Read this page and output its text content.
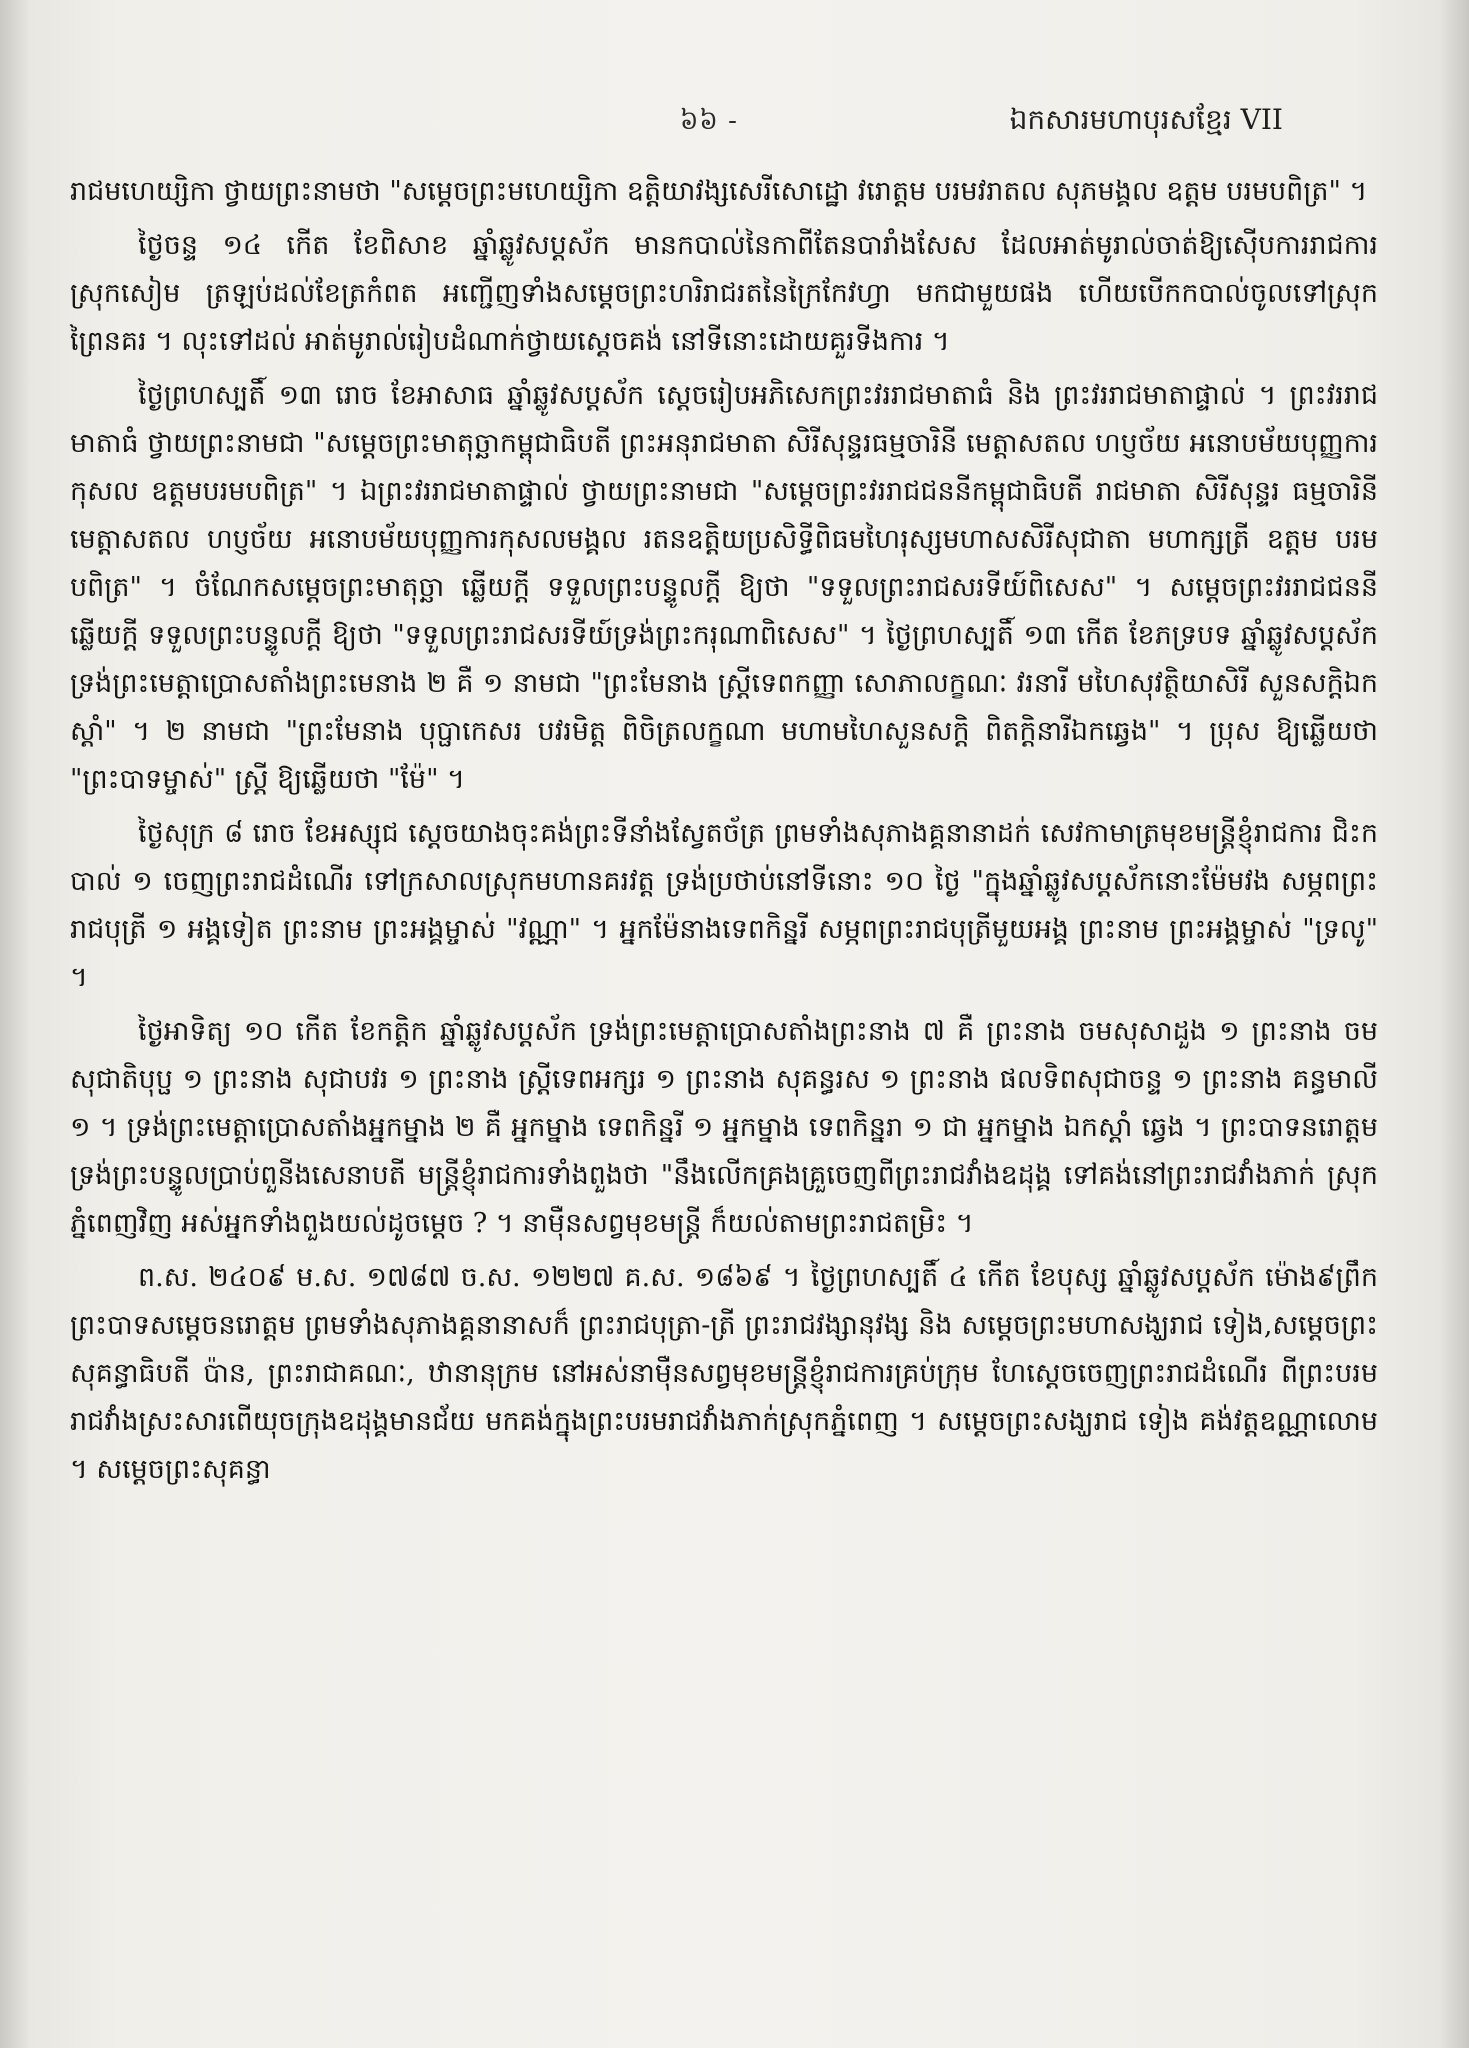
៦៦ -	ឯកសារមហាបុរសខ្មែរ VII

រាជមហេយ្សិកា ថ្វាយព្រះនាមថា "សម្ដេចព្រះមហេយ្សិកា ឧត្តិយាវង្សសេរីសោដ្ឋោ វរោត្តម បរមវរាតល សុភមង្គល ឧត្តម បរមបពិត្រ" ។

ថ្ងៃចន្ទ ១៤ កើត ខែពិសាខ ឆ្នាំឆ្លូវសប្ដស័ក មានកបាល់នៃកាពីតែនបារាំងសែស ដែលអាត់មូរាល់ចាត់ឱ្យស៊ើបការរាជការស្រុកសៀម ត្រឡប់ដល់ខែត្រកំពត អញ្ជើញទាំងសម្ដេចព្រះហរិរាជរតនៃក្រៃកែវហ្វា មកជាមួយផង ហើយបើកកបាល់ចូលទៅស្រុកព្រៃនគរ ។ លុះទៅដល់ អាត់មូរាល់រៀបដំណាក់ថ្វាយស្ដេចគង់ នៅទីនោះដោយគួរទីងការ ។

ថ្ងៃព្រហស្បតិ៍ ១៣ រោច ខែអាសាធ ឆ្នាំឆ្លូវសប្ដស័ក ស្ដេចរៀបអភិសេកព្រះវររាជមាតាធំ និង ព្រះវររាជមាតាផ្ទាល់ ។ ព្រះវររាជមាតាធំ ថ្វាយព្រះនាមជា "សម្ដេចព្រះមាតុច្ឆាកម្ពុជាធិបតី ព្រះអនុរាជមាតា សិរីសុន្ទរធម្មចារិនី មេត្តាសតល ហប្ញច័យ អនោបម័យបុញ្ញការកុសល ឧត្តមបរមបពិត្រ" ។ ឯព្រះវររាជមាតាផ្ទាល់ ថ្វាយព្រះនាមជា "សម្ដេចព្រះវររាជជននីកម្ពុជាធិបតី រាជមាតា សិរីសុន្ទរ ធម្មចារិនី មេត្តាសតល ហប្ញច័យ អនោបម័យបុញ្ញការកុសលមង្គល រតនឧត្តិយប្រសិទ្ធីពិធមហៃរុស្សមហាសសិរីសុជាតា មហាក្សត្រី ឧត្តម បរមបពិត្រ" ។ ចំណែកសម្ដេចព្រះមាតុច្ឆា ឆ្លើយក្ដី ទទួលព្រះបន្ទូលក្ដី ឱ្យថា "ទទួលព្រះរាជសរទីយ៍ពិសេស" ។ សម្ដេចព្រះវររាជជននី ឆ្លើយក្ដី ទទួលព្រះបន្ទូលក្ដី ឱ្យថា "ទទួលព្រះរាជសរទីយ៍ទ្រង់ព្រះករុណាពិសេស" ។ ថ្ងៃព្រហស្បតិ៍ ១៣ កើត ខែភទ្របទ ឆ្នាំឆ្លូវសប្ដស័ក ទ្រង់ព្រះមេត្តាប្រោសតាំងព្រះមេនាង ២ គឺ ១ នាមជា "ព្រះមែនាង ស្ត្រីទេពកញ្ញា សោភាលក្ខណៈ វរនារី មហៃសុវត្ថិយាសិរី សួនសក្ដិឯកស្ដាំ" ។ ២ នាមជា "ព្រះមែនាង បុប្ផាកេសរ បវរមិត្ត ពិចិត្រលក្ខណា មហាមហៃសួនសក្ដិ ពិតក្ដិនារីឯកឆ្វេង" ។ ប្រុស ឱ្យឆ្លើយថា "ព្រះបាទម្ចាស់" ស្ត្រី ឱ្យឆ្លើយថា "ម៉ែ" ។

ថ្ងៃសុក្រ ៨ រោច ខែអស្សុជ ស្ដេចយាងចុះគង់ព្រះទីនាំងស្វែតច័ត្រ ព្រមទាំងសុភាងគ្គនានាដក់ សេវកាមាត្រមុខមន្ត្រីខ្ញុំរាជការ ជិះកបាល់ ១ ចេញព្រះរាជដំណើរ ទៅក្រសាលស្រុកមហានគរវត្ត ទ្រង់ប្រថាប់នៅទីនោះ ១០ ថ្ងៃ "ក្នុងឆ្នាំឆ្លូវសប្ដស័កនោះម៉ែមវង សម្ភពព្រះរាជបុត្រី ១ អង្គទៀត ព្រះនាម ព្រះអង្គម្ចាស់ "វណ្ណា" ។ អ្នកម៉ែនាងទេពកិន្នរី សម្ភពព្រះរាជបុត្រីមួយអង្គ ព្រះនាម ព្រះអង្គម្ចាស់ "ទ្រលូ" ។

ថ្ងៃអាទិត្យ ១០ កើត ខែកត្តិក ឆ្នាំឆ្លូវសប្ដស័ក ទ្រង់ព្រះមេត្តាប្រោសតាំងព្រះនាង ៧ គឺ ព្រះនាង ចមសុសាដួង ១ ព្រះនាង ចមសុជាតិបុប្ផ ១ ព្រះនាង សុជាបវរ ១ ព្រះនាង ស្ត្រីទេពអក្សរ ១ ព្រះនាង សុគន្ធរស ១ ព្រះនាង ផលទិពសុជាចន្ទ ១ ព្រះនាង គន្ធមាលី ១ ។ ទ្រង់ព្រះមេត្តាប្រោសតាំងអ្នកម្នាង ២ គឺ អ្នកម្នាង ទេពកិន្នរី ១ អ្នកម្នាង ទេពកិន្នរា ១ ជា អ្នកម្នាង ឯកស្ដាំ ឆ្វេង ។ ព្រះបាទនរោត្តមទ្រង់ព្រះបន្ទូលប្រាប់ពួនីងសេនាបតី មន្ត្រីខ្ញុំរាជការទាំងពួងថា "នឹងលើកគ្រងគ្រួចេញពីព្រះរាជវាំងឧដុង្គ ទៅគង់នៅព្រះរាជវាំងភាក់ ស្រុកភ្នំពេញវិញ អស់អ្នកទាំងពួងយល់ដូចម្ដេច ? ។ នាម៉ឺនសព្វមុខមន្ត្រី ក៏យល់តាមព្រះរាជតម្រិះ ។

ព.ស. ២៤០៩ ម.ស. ១៧៨៧ ច.ស. ១២២៧ គ.ស. ១៨៦៩ ។ ថ្ងៃព្រហស្បតិ៍ ៤ កើត ខែបុស្ស ឆ្នាំឆ្លូវសប្ដស័ក ម៉ោង៩ព្រឹក ព្រះបាទសម្ដេចនរោត្តម ព្រមទាំងសុភាងគ្គនានាសក៏ ព្រះរាជបុត្រា-ត្រី ព្រះរាជវង្សានុវង្ស និង សម្ដេចព្រះមហាសង្ឃរាជ ទៀង,សម្ដេចព្រះសុគន្ធាធិបតី ប៉ាន, ព្រះរាជាគណៈ, ឋានានុក្រម នៅអស់នាម៉ឺនសព្វមុខមន្ត្រីខ្ញុំរាជការគ្រប់ក្រុម ហែស្ដេចចេញព្រះរាជដំណើរ ពីព្រះបរមរាជវាំងស្រះសារពើយុចក្រុងឧដុង្គមានជ័យ មកគង់ក្នុងព្រះបរមរាជវាំងភាក់ស្រុកភ្នំពេញ ។ សម្ដេចព្រះសង្ឃរាជ ទៀង គង់វត្តឧណ្ណាលោម ។ សម្ដេចព្រះសុគន្ធា
